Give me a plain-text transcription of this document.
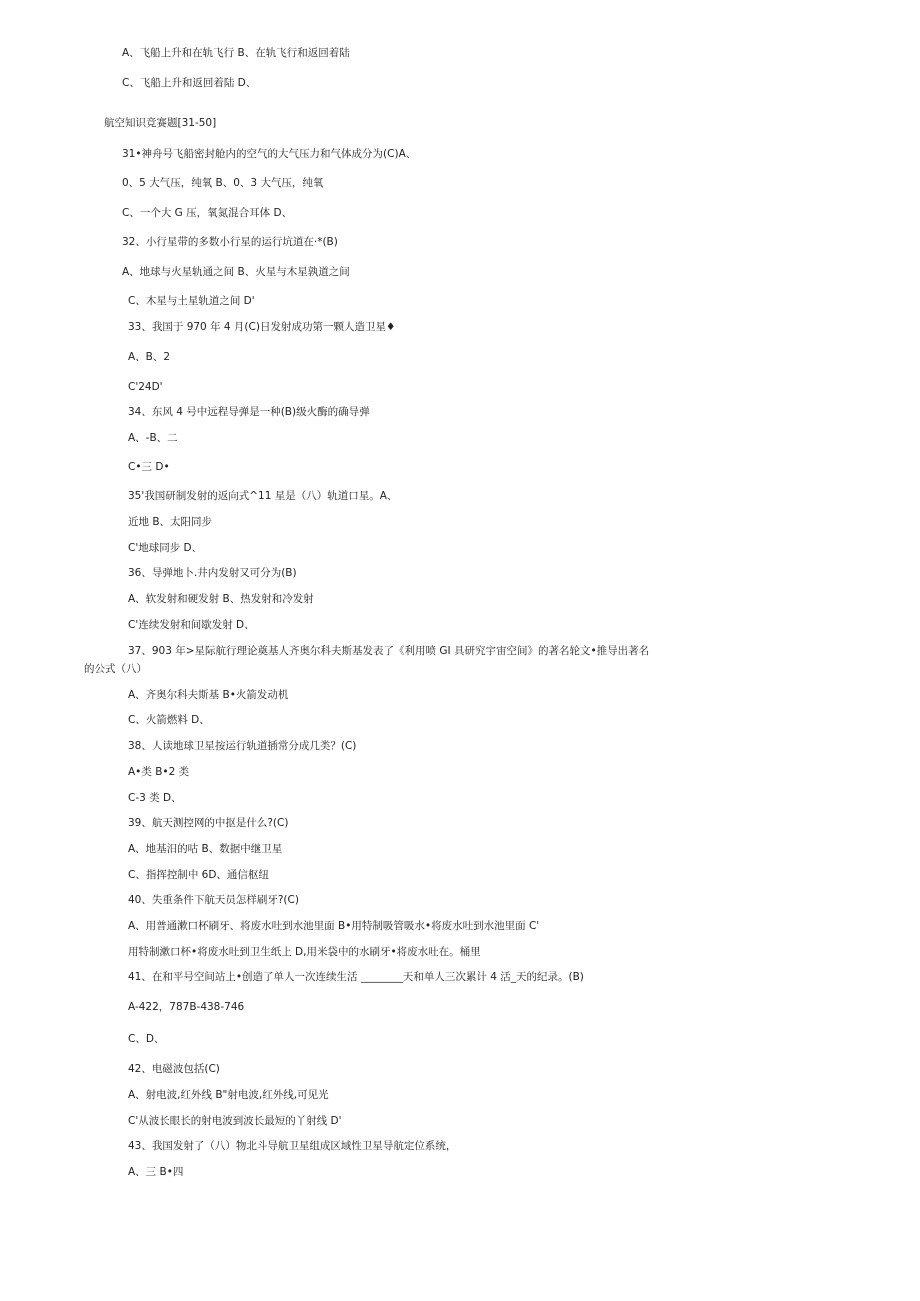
A、飞船上升和在轨飞行 B、在轨飞行和返回着陆
C、飞船上升和返回着陆 D、
航空知识竞赛题[31-50]
31•神舟号飞船密封舱内的空气的大气压力和气体成分为(C)A、
0、5 大气压，纯氧 B、0、3 大气压，纯氧
C、一个大 G 压，氧氮混合耳体 D、
32、小行星带的多数小行星的运行坑道在·*(B)
A、地球与火星轨通之间 B、火星与木星孰道之间
C、木星与土星轨道之间 D'
33、我国于 970 年 4 月(C)日发射成功第一颗人造卫星♦
A、B、2
C'24D'
34、东风 4 号中远程导弹是一种(B)级火酶的确导弹
A、-B、二
C•三 D•
35'我国研制发射的返向式^11 星是（八）轨道口星。A、
近地 B、太阳同步
C'地球同步 D、
36、导弹地卜.井内发射又可分为(B)
A、软发射和硬发射 B、热发射和冷发射
C'连续发射和间歇发射 D、
37、903 年>星际航行理论奠基人齐奥尔科夫斯基发表了《利用喷 GI 具研究宇宙空间》的著名轮文•推导出著名
的公式（八）
A、齐奥尔科夫斯基 B•火箭发动机
C、火箭燃料 D、
38、人读地球卫星按运行轨道插常分成几类？(C)
A•类 B•2 类
C-3 类 D、
39、航天测控网的中抠是什么?(C)
A、地基汨的咕 B、数据中继卫星
C、指挥控制中 6D、通信枢纽
40、失重条件下航天员怎样刷牙?(C)
A、用普通漱口杯刷牙、将废水吐到水池里面 B•用特制吸管吸水•将废水吐到水池里面 C'
用特制漱口杯•将废水吐到卫生纸上 D,用米袋中的水刷牙•将废水吐在。桶里
41、在和平号空间站上•创造了单人一次连续生活 ________天和单人三次累计 4 活_天的纪录。(B)
A-422，787B-438-746
C、D、
42、电磁波包括(C)
A、射电波,红外线 B"射电波,红外线,可见光
C'从波长眼长的射电波到波长最短的丫射线 D'
43、我国发射了（八）物北斗导航卫星组成区域性卫星导航定位系统，
A、三 B•四
